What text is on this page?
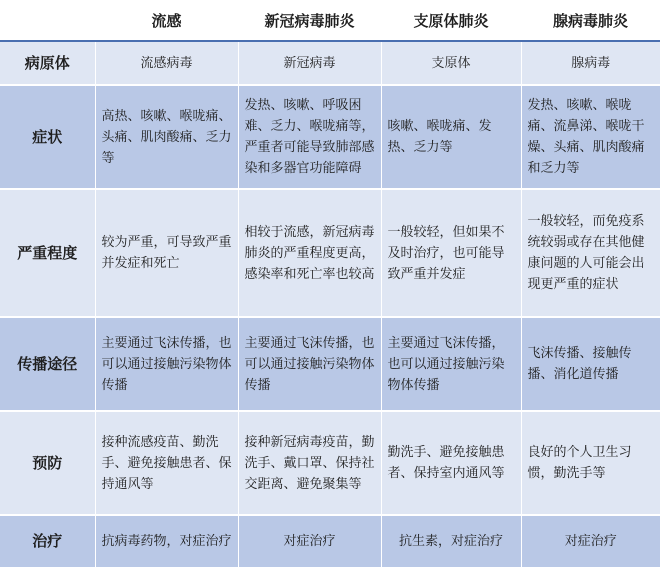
	流感	新冠病毒肺炎	支原体肺炎	腺病毒肺炎
病原体	流感病毒	新冠病毒	支原体	腺病毒
症状	高热、咳嗽、喉咙痛、头痛、肌肉酸痛、乏力等	发热、咳嗽、呼吸困难、乏力、喉咙痛等，严重者可能导致肺部感染和多器官功能障碍	咳嗽、喉咙痛、发热、乏力等	发热、咳嗽、喉咙痛、流鼻涕、喉咙干燥、头痛、肌肉酸痛和乏力等
严重程度	较为严重，可导致严重并发症和死亡	相较于流感，新冠病毒肺炎的严重程度更高，感染率和死亡率也较高	一般较轻，但如果不及时治疗，也可能导致严重并发症	一般较轻，而免疫系统较弱或存在其他健康问题的人可能会出现更严重的症状
传播途径	主要通过飞沫传播，也可以通过接触污染物体传播	主要通过飞沫传播，也可以通过接触污染物体传播	主要通过飞沫传播，也可以通过接触污染物体传播	飞沫传播、接触传播、消化道传播
预防	接种流感疫苗、勤洗手、避免接触患者、保持通风等	接种新冠病毒疫苗，勤洗手、戴口罩、保持社交距离、避免聚集等	勤洗手、避免接触患者、保持室内通风等	良好的个人卫生习惯，勤洗手等
治疗	抗病毒药物，对症治疗	对症治疗	抗生素，对症治疗	对症治疗
